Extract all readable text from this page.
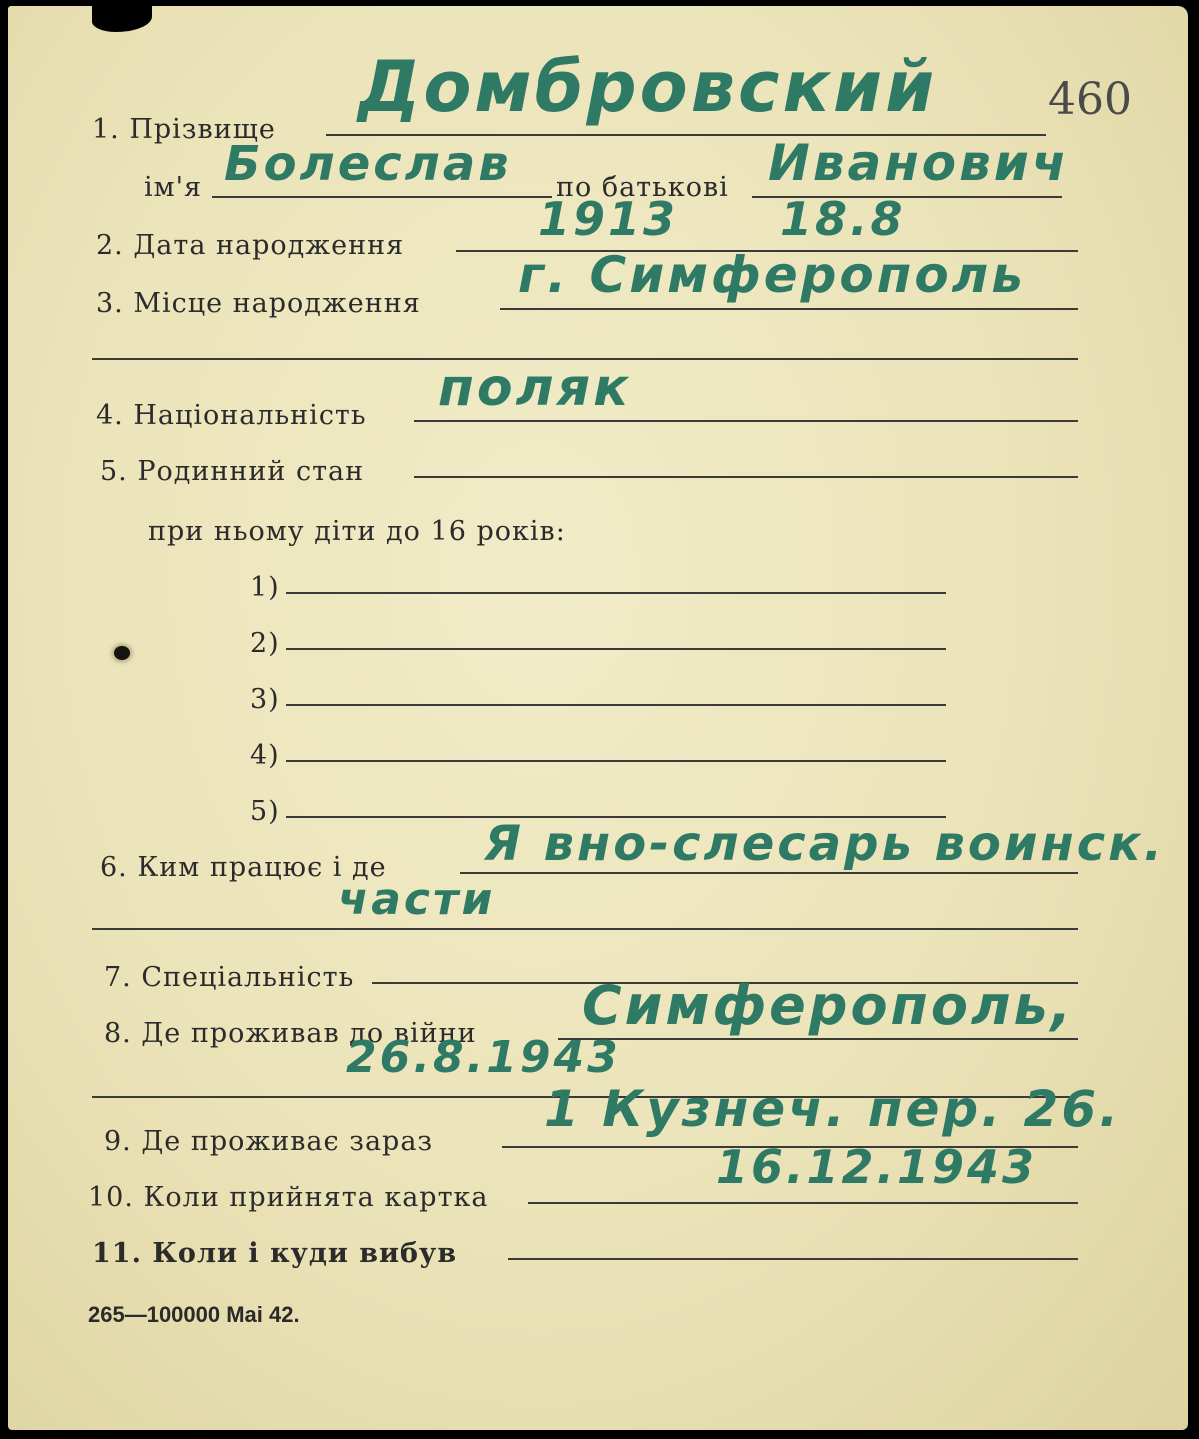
460
1. Прізвище
Домбровский
ім'я Болеслав по батькові Иванович
2. Дата народження	1913 18.8
3. Місце народження г. Симферополь
4. Національність поляк
5. Родинний стан
при ньому діти до 16 років:
1)
2)
3)
4)
5)
6. Ким працює і де Я вно-слесарь воинск.
части
7. Спеціальність
8. Де проживав до війни Симферополь,
26.8.1943
9. Де проживає зараз
1 Кузнеч. пер. 26.
10. Коли прийнята картка
16.12.1943
11. Коли і куди вибув
265—100000 Mai 42.
